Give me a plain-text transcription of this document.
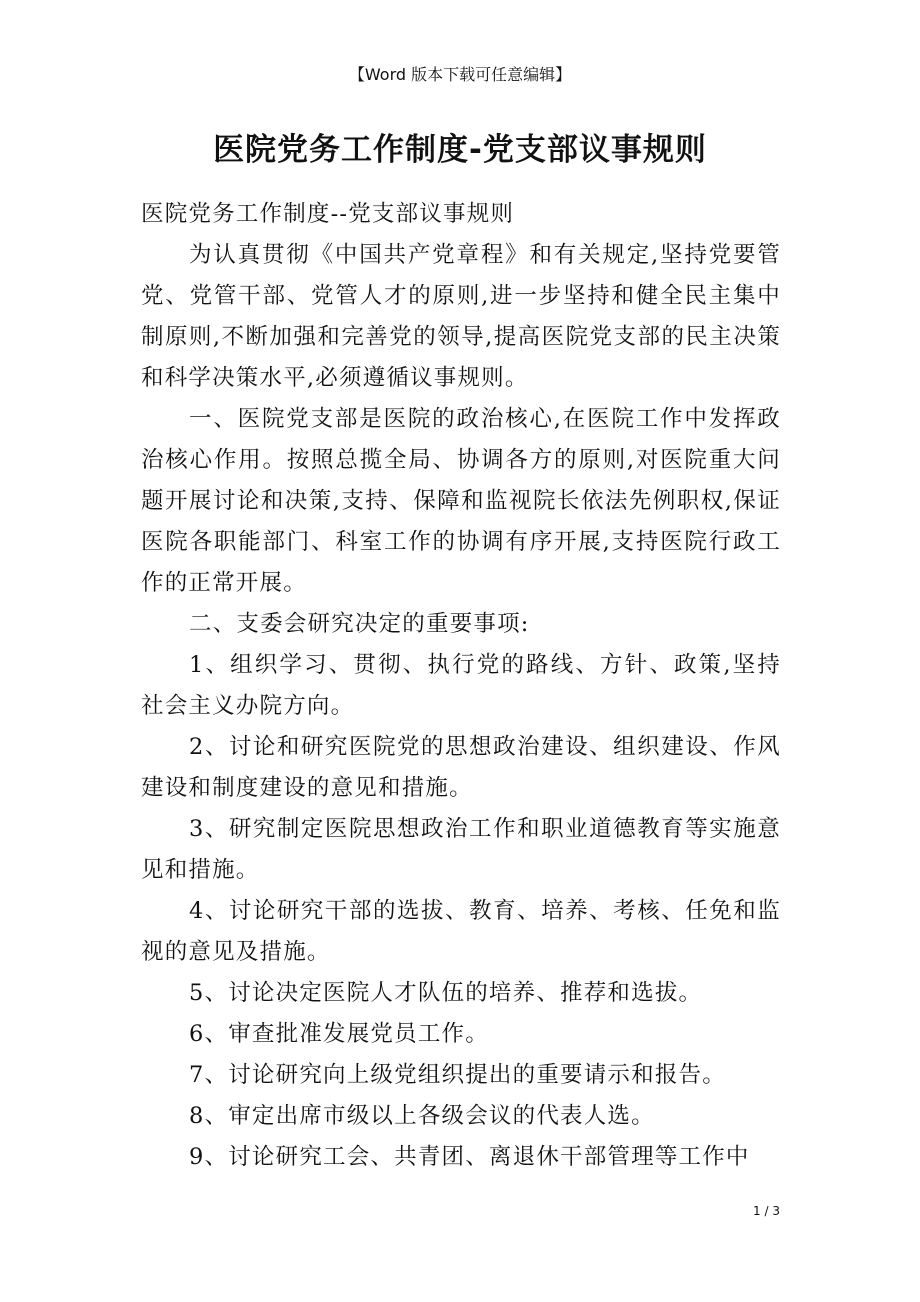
【Word 版本下载可任意编辑】
医院党务工作制度-党支部议事规则

医院党务工作制度--党支部议事规则

为认真贯彻《中国共产党章程》和有关规定,坚持党要管党、党管干部、党管人才的原则,进一步坚持和健全民主集中制原则,不断加强和完善党的领导,提高医院党支部的民主决策和科学决策水平,必须遵循议事规则。

一、医院党支部是医院的政治核心,在医院工作中发挥政治核心作用。按照总揽全局、协调各方的原则,对医院重大问题开展讨论和决策,支持、保障和监视院长依法先例职权,保证医院各职能部门、科室工作的协调有序开展,支持医院行政工作的正常开展。

二、支委会研究决定的重要事项:

1、组织学习、贯彻、执行党的路线、方针、政策,坚持社会主义办院方向。

2、讨论和研究医院党的思想政治建设、组织建设、作风建设和制度建设的意见和措施。

3、研究制定医院思想政治工作和职业道德教育等实施意见和措施。

4、讨论研究干部的选拔、教育、培养、考核、任免和监视的意见及措施。

5、讨论决定医院人才队伍的培养、推荐和选拔。

6、审查批准发展党员工作。

7、讨论研究向上级党组织提出的重要请示和报告。

8、审定出席市级以上各级会议的代表人选。

9、讨论研究工会、共青团、离退休干部管理等工作中

1 / 3
